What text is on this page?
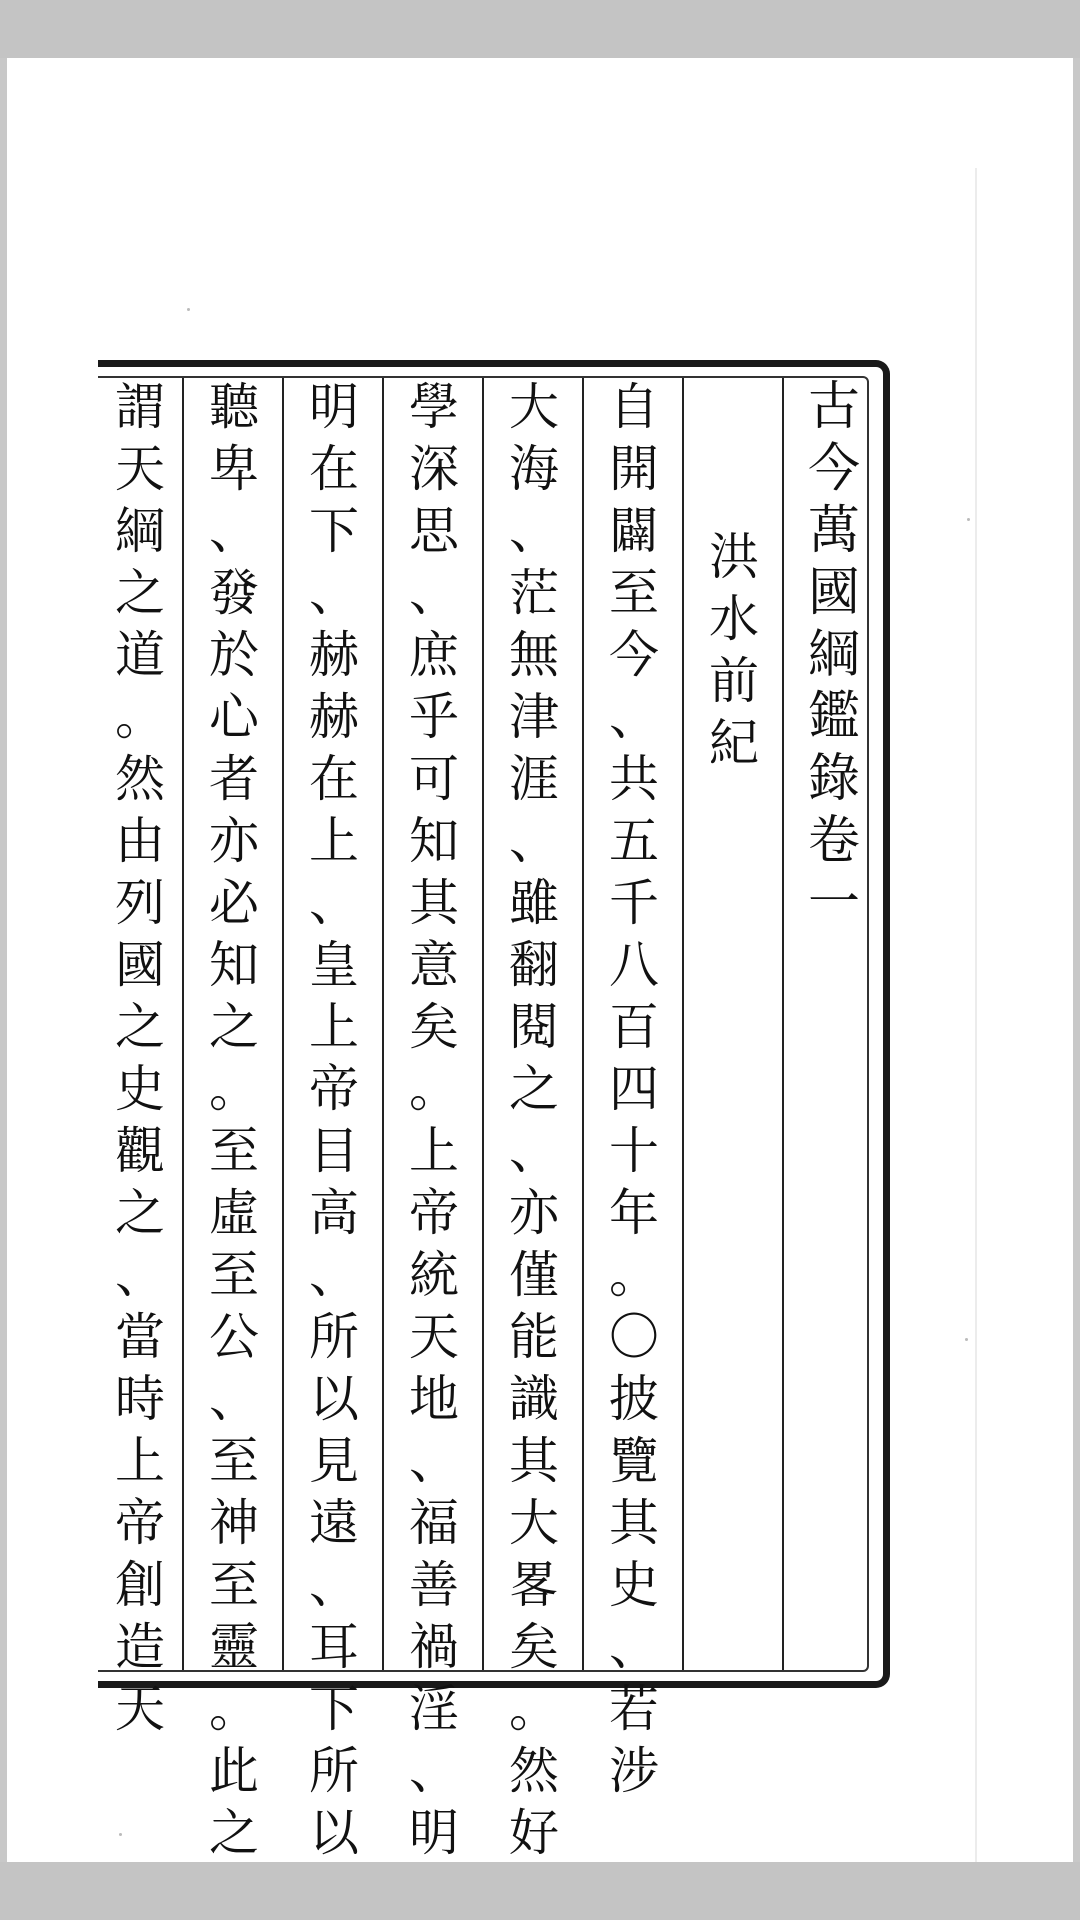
古
今
萬
國
綱
鑑
錄
卷
一
洪
水
前
紀
自
開
闢
至
今
、
共
五
千
八
百
四
十
年
。
〇
披
覽
其
史
、
若
涉
大
海
、
茫
無
津
涯
、
雖
翻
閱
之
、
亦
僅
能
識
其
大
畧
矣
。
然
好
學
深
思
、
庶
乎
可
知
其
意
矣
。
上
帝
統
天
地
、
福
善
禍
淫
、
明
明
在
下
、
赫
赫
在
上
、
皇
上
帝
目
高
、
所
以
見
遠
、
耳
下
所
以
聽
卑
、
發
於
心
者
亦
必
知
之
。
至
虛
至
公
、
至
神
至
靈
。
此
之
謂
天
綱
之
道
。
然
由
列
國
之
史
觀
之
、
當
時
上
帝
創
造
天
